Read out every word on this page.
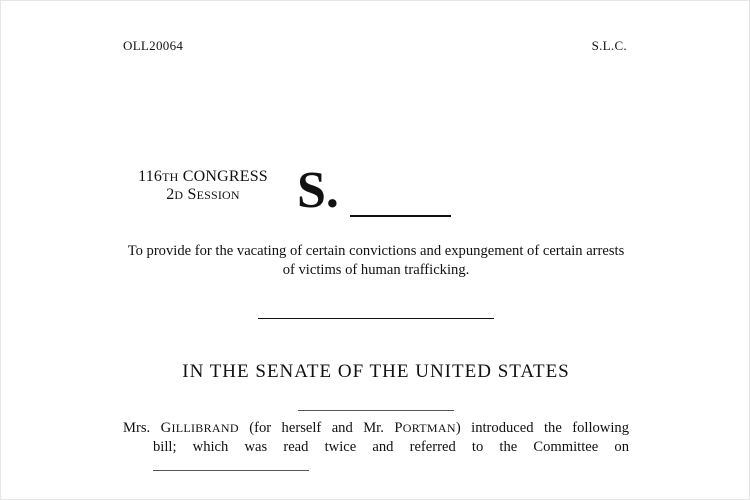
OLL20064	S.L.C.
116TH CONGRESS
2D SESSION	S.
To provide for the vacating of certain convictions and expungement of certain arrests of victims of human trafficking.
IN THE SENATE OF THE UNITED STATES
Mrs. GILLIBRAND (for herself and Mr. PORTMAN) introduced the following
bill; which was read twice and referred to the Committee on
